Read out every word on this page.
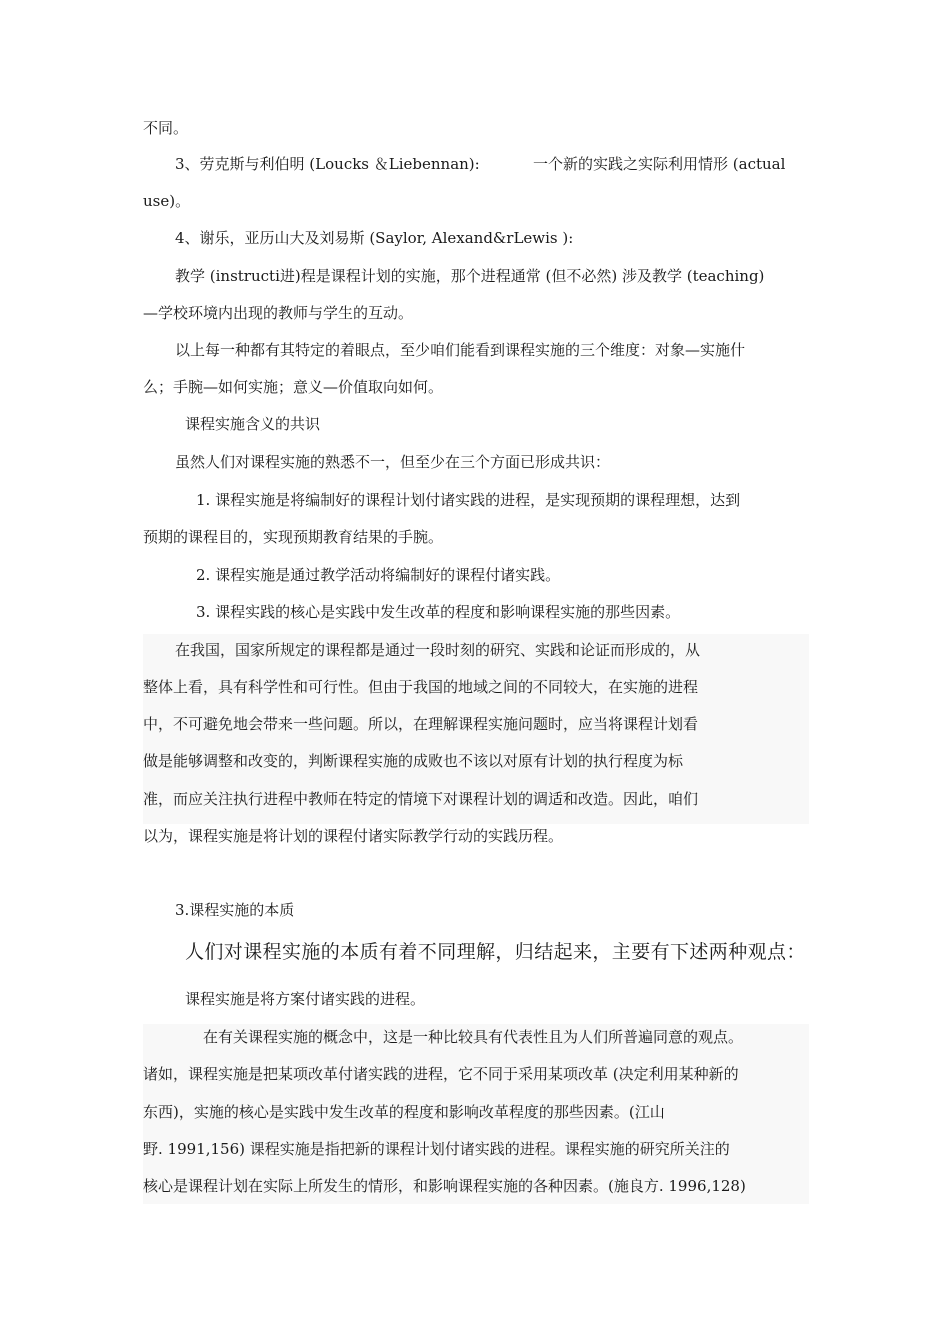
不同。
3、劳克斯与利伯明 (Loucks ＆Liebennan):	一个新的实践之实际利用情形 (actual
use)。
4、谢乐，亚历山大及刘易斯 (Saylor, Alexand&rLewis ):
教学 (instructi进)程是课程计划的实施，那个进程通常 (但不必然) 涉及教学 (teaching)
—学校环境内出现的教师与学生的互动。
以上每一种都有其特定的着眼点，至少咱们能看到课程实施的三个维度：对象—实施什
么；手腕—如何实施；意义—价值取向如何。
课程实施含义的共识
虽然人们对课程实施的熟悉不一，但至少在三个方面已形成共识：
1. 课程实施是将编制好的课程计划付诸实践的进程，是实现预期的课程理想，达到
预期的课程目的，实现预期教育结果的手腕。
2. 课程实施是通过教学活动将编制好的课程付诸实践。
3. 课程实践的核心是实践中发生改革的程度和影响课程实施的那些因素。
在我国，国家所规定的课程都是通过一段时刻的研究、实践和论证而形成的，从
整体上看，具有科学性和可行性。但由于我国的地域之间的不同较大，在实施的进程
中，不可避免地会带来一些问题。所以，在理解课程实施问题时，应当将课程计划看
做是能够调整和改变的，判断课程实施的成败也不该以对原有计划的执行程度为标
准，而应关注执行进程中教师在特定的情境下对课程计划的调适和改造。因此，咱们
以为，课程实施是将计划的课程付诸实际教学行动的实践历程。
3.课程实施的本质
人们对课程实施的本质有着不同理解，归结起来，主要有下述两种观点：
课程实施是将方案付诸实践的进程。
在有关课程实施的概念中，这是一种比较具有代表性且为人们所普遍同意的观点。
诸如，课程实施是把某项改革付诸实践的进程，它不同于采用某项改革 (决定利用某种新的
东西)，实施的核心是实践中发生改革的程度和影响改革程度的那些因素。(江山
野. 1991,156) 课程实施是指把新的课程计划付诸实践的进程。课程实施的研究所关注的
核心是课程计划在实际上所发生的情形，和影响课程实施的各种因素。(施良方. 1996,128)
